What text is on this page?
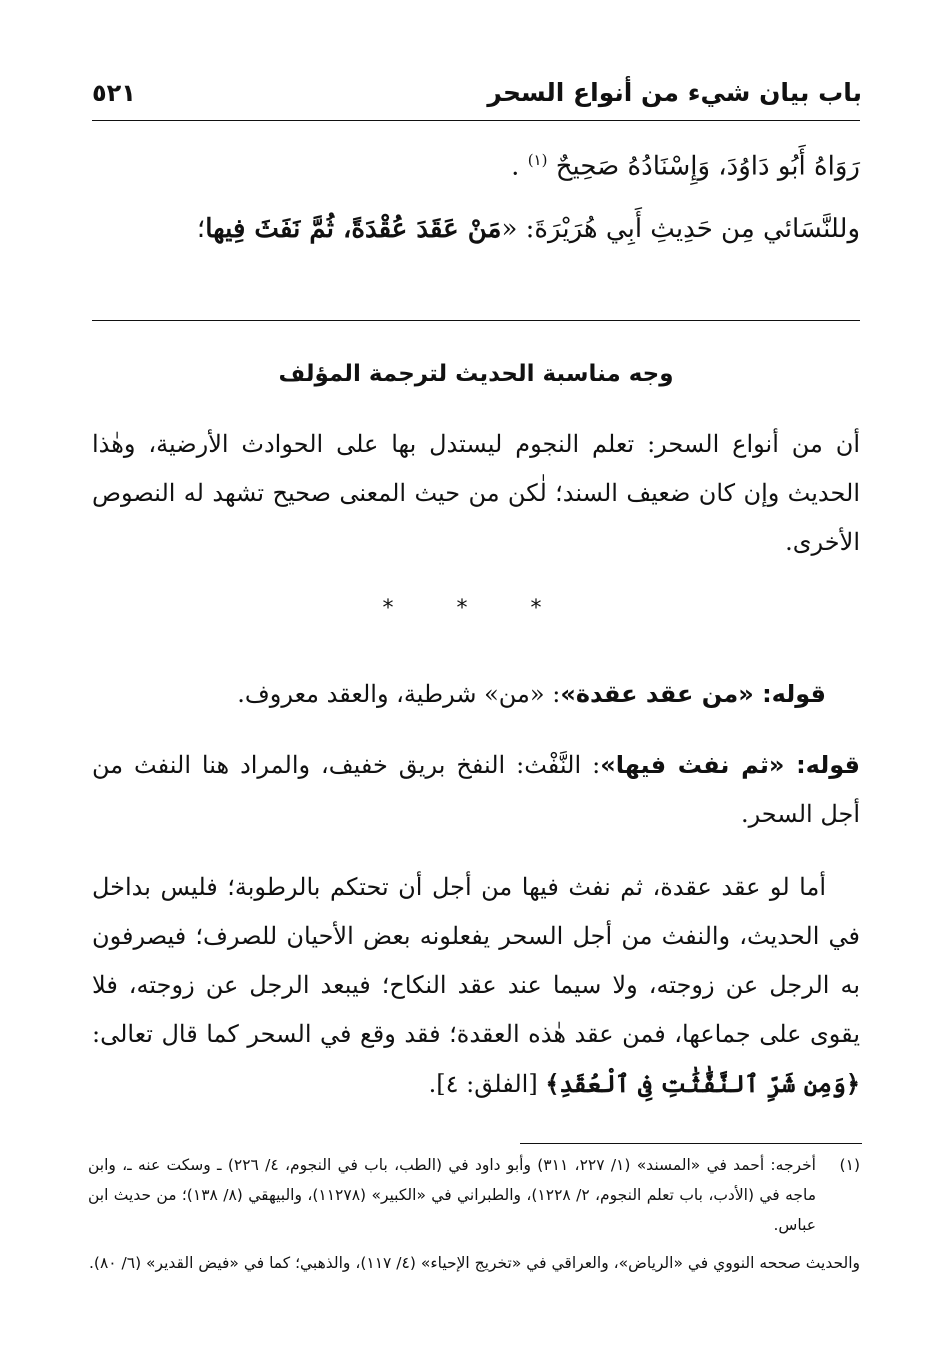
باب بيان شيء من أنواع السحر
٥٢١
رَوَاهُ أَبُو دَاوُدَ، وَإِسْنَادُهُ صَحِيحٌ $^{(١)}$ .
وللنَّسَائي مِن حَدِيثِ أَبِي هُرَيْرَةَ: «مَنْ عَقَدَ عُقْدَةً، ثُمَّ نَفَثَ فِيها؛
وجه مناسبة الحديث لترجمة المؤلف

أن من أنواع السحر: تعلم النجوم ليستدل بها على الحوادث الأرضية، وهٰذا الحديث وإن كان ضعيف السند؛ لٰكن من حيث المعنى صحيح تشهد له النصوص الأخرى.

* * *

قوله: «من عقد عقدة»: «من» شرطية، والعقد معروف.

قوله: «ثم نفث فيها»: النَّفْث: النفخ بريق خفيف، والمراد هنا النفث من أجل السحر.

أما لو عقد عقدة، ثم نفث فيها من أجل أن تحتكم بالرطوبة؛ فليس بداخل في الحديث، والنفث من أجل السحر يفعلونه بعض الأحيان للصرف؛ فيصرفون به الرجل عن زوجته، ولا سيما عند عقد النكاح؛ فيبعد الرجل عن زوجته، فلا يقوى على جماعها، فمن عقد هٰذه العقدة؛ فقد وقع في السحر كما قال تعالى: ﴿وَمِن شَرِّ ٱلنَّفَّٰثَٰتِ فِى ٱلْعُقَدِ﴾ [الفلق: ٤].

(١)
أخرجه: أحمد في «المسند» (١/ ٢٢٧، ٣١١) وأبو داود في (الطب، باب في النجوم، ٤/ ٢٢٦) ـ وسكت عنه ـ، وابن ماجه في (الأدب، باب تعلم النجوم، ٢/ ١٢٢٨)، والطبراني في «الكبير» (١١٢٧٨)، والبيهقي (٨/ ١٣٨)؛ من حديث ابن عباس.
والحديث صححه النووي في «الرياض»، والعراقي في «تخريج الإحياء» (٤/ ١١٧)، والذهبي؛ كما في «فيض القدير» (٦/ ٨٠).
